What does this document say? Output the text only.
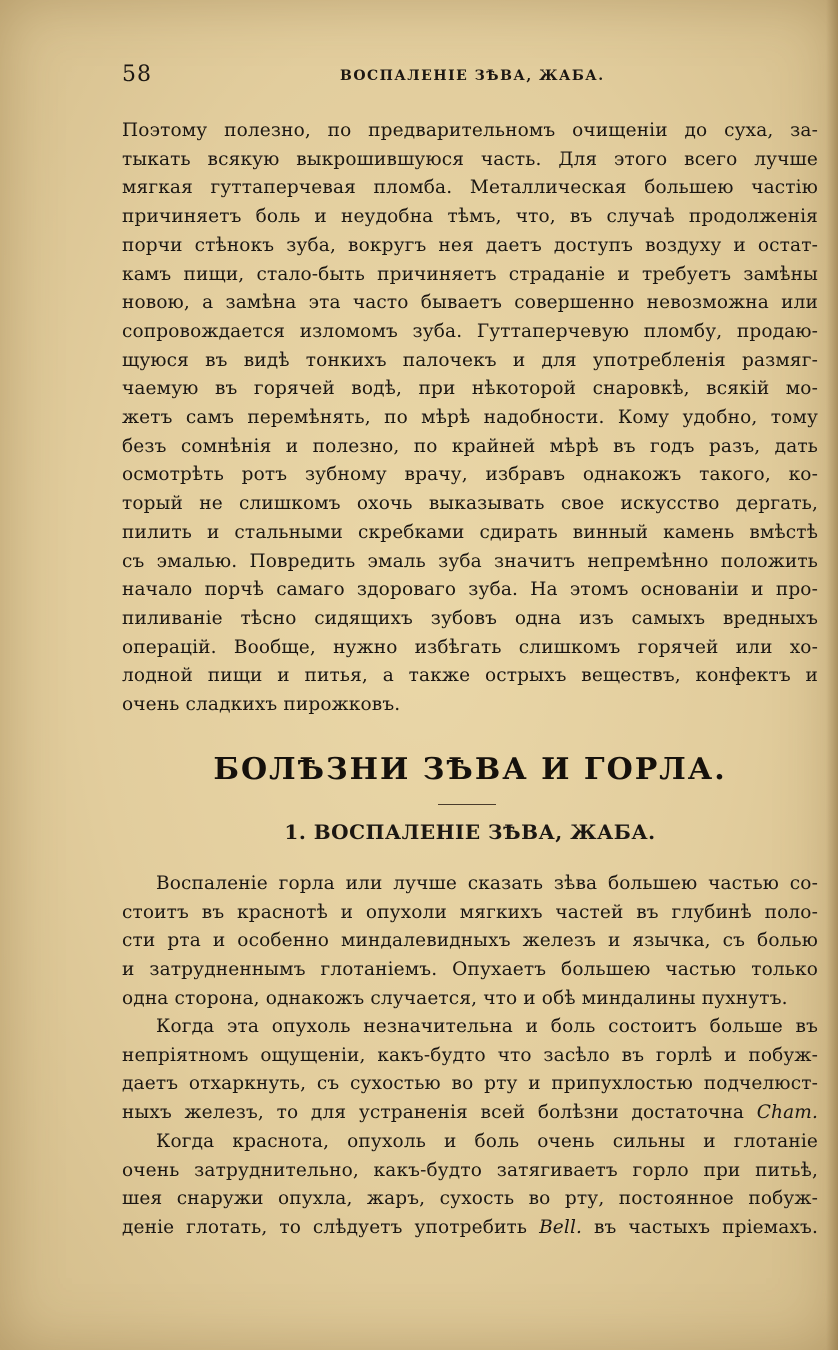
58	ВОСПАЛЕНІЕ ЗѢВА, ЖАБА.
Поэтому полезно, по предварительномъ очищеніи до суха, за-
тыкать всякую выкрошившуюся часть. Для этого всего лучше
мягкая гуттаперчевая пломба. Металлическая большею частію
причиняетъ боль и неудобна тѣмъ, что, въ случаѣ продолженія
порчи стѣнокъ зуба, вокругъ нея даетъ доступъ воздуху и остат-
камъ пищи, стало-быть причиняетъ страданіе и требуетъ замѣны
новою, а замѣна эта часто бываетъ совершенно невозможна или
сопровождается изломомъ зуба. Гуттаперчевую пломбу, продаю-
щуюся въ видѣ тонкихъ палочекъ и для употребленія размяг-
чаемую въ горячей водѣ, при нѣкоторой снаровкѣ, всякій мо-
жетъ самъ перемѣнять, по мѣрѣ надобности. Кому удобно, тому
безъ сомнѣнія и полезно, по крайней мѣрѣ въ годъ разъ, дать
осмотрѣть ротъ зубному врачу, избравъ однакожъ такого, ко-
торый не слишкомъ охочь выказывать свое искусство дергать,
пилить и стальными скребками сдирать винный камень вмѣстѣ
съ эмалью. Повредить эмаль зуба значитъ непремѣнно положить
начало порчѣ самаго здороваго зуба. На этомъ основаніи и про-
пиливаніе тѣсно сидящихъ зубовъ одна изъ самыхъ вредныхъ
операцій. Вообще, нужно избѣгать слишкомъ горячей или хо-
лодной пищи и питья, а также острыхъ веществъ, конфектъ и
очень сладкихъ пирожковъ.
БОЛѢЗНИ ЗѢВА И ГОРЛА.
1. ВОСПАЛЕНІЕ ЗѢВА, ЖАБА.
Воспаленіе горла или лучше сказать зѣва большею частью со-
стоитъ въ краснотѣ и опухоли мягкихъ частей въ глубинѣ поло-
сти рта и особенно миндалевидныхъ железъ и язычка, съ болью
и затрудненнымъ глотаніемъ. Опухаетъ большею частью только
одна сторона, однакожъ случается, что и обѣ миндалины пухнутъ.
Когда эта опухоль незначительна и боль состоитъ больше въ
непріятномъ ощущеніи, какъ-будто что засѣло въ горлѣ и побуж-
даетъ отхаркнуть, съ сухостью во рту и припухлостью подчелюст-
ныхъ железъ, то для устраненія всей болѣзни достаточна Cham.
Когда краснота, опухоль и боль очень сильны и глотаніе
очень затруднительно, какъ-будто затягиваетъ горло при питьѣ,
шея снаружи опухла, жаръ, сухость во рту, постоянное побуж-
деніе глотать, то слѣдуетъ употребить Bell. въ частыхъ пріемахъ.
